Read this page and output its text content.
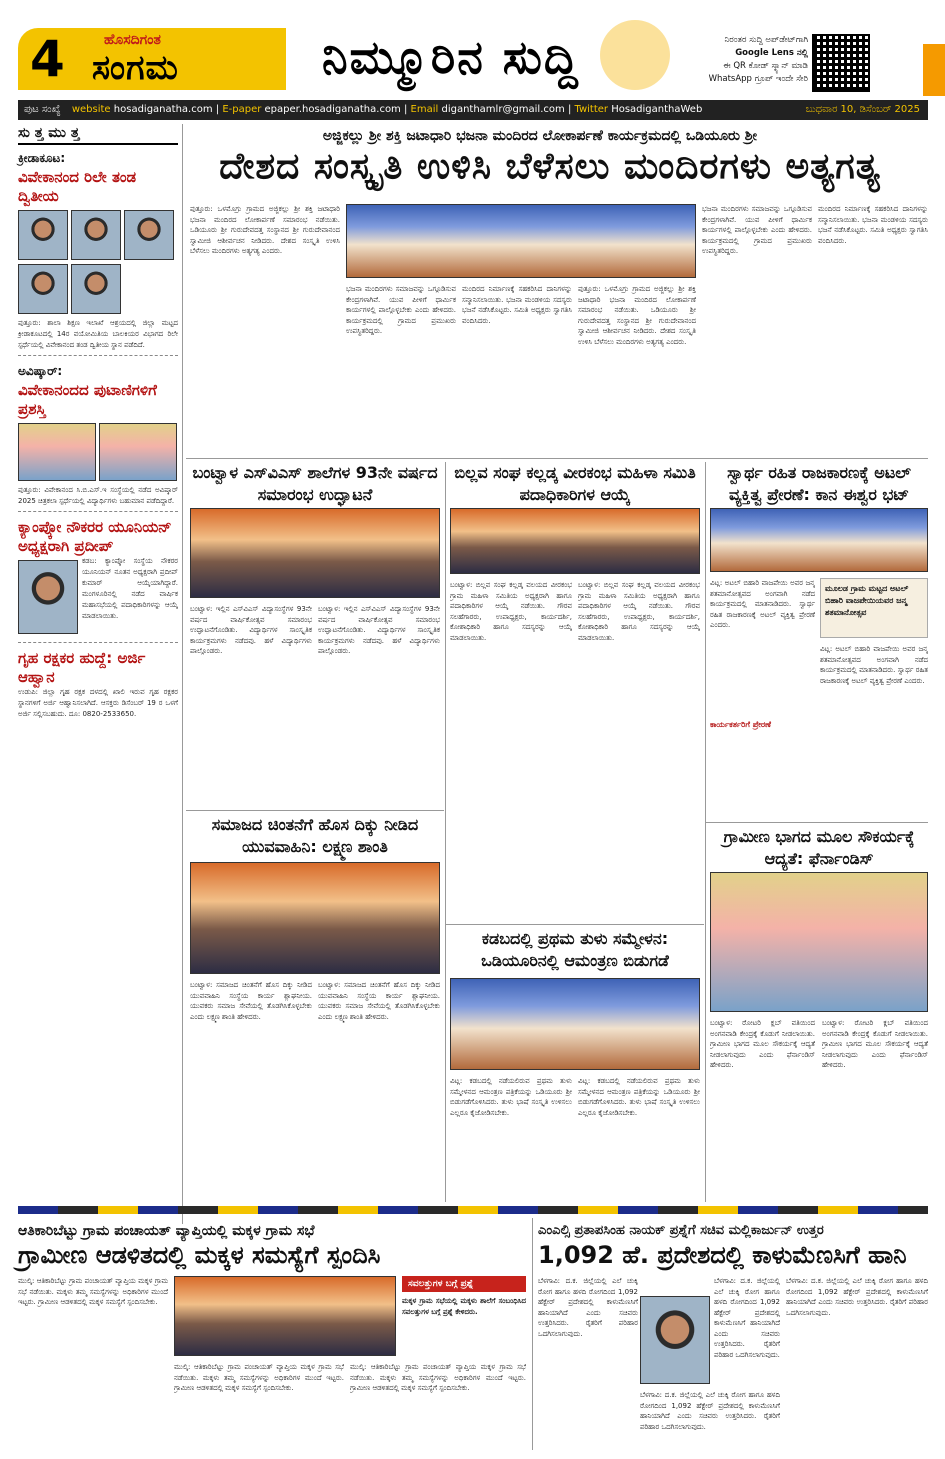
4	ಹೊಸದಿಗಂತ
ಸಂಗಮ	ನಿಮ್ಮೂರಿನ ಸುದ್ದಿ	ನಿರಂತರ ಸುದ್ದಿ ಅಪ್‌ಡೇಟ್‌ಗಾಗಿ
Google Lens ನಲ್ಲಿ
ಈ QR ಕೋಡ್ ಸ್ಕ್ಯಾನ್ ಮಾಡಿ
WhatsApp ಗ್ರೂಪ್ ಇಂದೇ ಸೇರಿ
ಪುಟ ಸಂಖ್ಯೆ website hosadiganatha.com | E-paper epaper.hosadiganatha.com | Email diganthamlr@gmail.com | Twitter HosadiganthaWeb	ಬುಧವಾರ 10, ಡಿಸೆಂಬರ್ 2025
ಸು ತ್ತ ಮು ತ್ತ
ಕ್ರೀಡಾಕೂಟ:
ವಿವೇಕಾನಂದ ರಿಲೇ ತಂಡ ದ್ವಿತೀಯ
ಪುತ್ತೂರು: ಶಾಲಾ ಶಿಕ್ಷಣ ಇಲಾಖೆ ಆಶ್ರಯದಲ್ಲಿ ಜಿಲ್ಲಾ ಮಟ್ಟದ ಕ್ರೀಡಾಕೂಟದಲ್ಲಿ 14ರ ವಯೋಮಿತಿಯ ಬಾಲಕಿಯರ ವಿಭಾಗದ ರಿಲೇ ಸ್ಪರ್ಧೆಯಲ್ಲಿ ವಿವೇಕಾನಂದ ತಂಡ ದ್ವಿತೀಯ ಸ್ಥಾನ ಪಡೆದಿದೆ.
ಅವಿಷ್ಕಾರ್:
ವಿವೇಕಾನಂದದ ಪುಟಾಣಿಗಳಿಗೆ ಪ್ರಶಸ್ತಿ
ಪುತ್ತೂರು: ವಿವೇಕಾನಂದ ಸಿ.ಬಿ.ಎಸ್.ಇ ಸಂಸ್ಥೆಯಲ್ಲಿ ನಡೆದ ಅವಿಷ್ಕಾರ್ 2025 ಚಿತ್ರಕಲಾ ಸ್ಪರ್ಧೆಯಲ್ಲಿ ವಿದ್ಯಾರ್ಥಿಗಳು ಬಹುಮಾನ ಪಡೆದಿದ್ದಾರೆ.
ಕ್ಯಾಂಪ್ಕೋ ನೌಕರರ ಯೂನಿಯನ್ ಅಧ್ಯಕ್ಷರಾಗಿ ಪ್ರದೀಪ್
ಕಡಬ: ಕ್ಯಾಂಪ್ಕೋ ಸಂಸ್ಥೆಯ ನೌಕರರ ಯೂನಿಯನ್ ನೂತನ ಅಧ್ಯಕ್ಷರಾಗಿ ಪ್ರದೀಪ್ ಕುಮಾರ್ ಆಯ್ಕೆಯಾಗಿದ್ದಾರೆ. ಮಂಗಳೂರಿನಲ್ಲಿ ನಡೆದ ವಾರ್ಷಿಕ ಮಹಾಸಭೆಯಲ್ಲಿ ಪದಾಧಿಕಾರಿಗಳನ್ನು ಆಯ್ಕೆ ಮಾಡಲಾಯಿತು.
ಗೃಹ ರಕ್ಷಕರ ಹುದ್ದೆ: ಅರ್ಜಿ ಆಹ್ವಾನ
ಉಡುಪಿ: ಜಿಲ್ಲಾ ಗೃಹ ರಕ್ಷಕ ದಳದಲ್ಲಿ ಖಾಲಿ ಇರುವ ಗೃಹ ರಕ್ಷಕರ ಸ್ಥಾನಗಳಿಗೆ ಅರ್ಜಿ ಆಹ್ವಾನಿಸಲಾಗಿದೆ. ಆಸಕ್ತರು ಡಿಸೆಂಬರ್ 19 ರ ಒಳಗೆ ಅರ್ಜಿ ಸಲ್ಲಿಸಬಹುದು. ದೂ: 0820-2533650.
ಅಜ್ಜಿಕಲ್ಲು ಶ್ರೀ ಶಕ್ತಿ ಜಟಾಧಾರಿ ಭಜನಾ ಮಂದಿರದ ಲೋಕಾರ್ಪಣೆ ಕಾರ್ಯಕ್ರಮದಲ್ಲಿ ಒಡಿಯೂರು ಶ್ರೀ
ದೇಶದ ಸಂಸ್ಕೃತಿ ಉಳಿಸಿ ಬೆಳೆಸಲು ಮಂದಿರಗಳು ಅತ್ಯಗತ್ಯ
ಪುತ್ತೂರು: ಒಳಮೊಗ್ರು ಗ್ರಾಮದ ಅಜ್ಜಿಕಲ್ಲು ಶ್ರೀ ಶಕ್ತಿ ಜಟಾಧಾರಿ ಭಜನಾ ಮಂದಿರದ ಲೋಕಾರ್ಪಣೆ ಸಮಾರಂಭ ನಡೆಯಿತು. ಒಡಿಯೂರು ಶ್ರೀ ಗುರುದೇವದತ್ತ ಸಂಸ್ಥಾನದ ಶ್ರೀ ಗುರುದೇವಾನಂದ ಸ್ವಾಮೀಜಿ ಆಶೀರ್ವಚನ ನೀಡಿದರು. ದೇಶದ ಸಂಸ್ಕೃತಿ ಉಳಿಸಿ ಬೆಳೆಸಲು ಮಂದಿರಗಳು ಅತ್ಯಗತ್ಯ ಎಂದರು.
ಭಜನಾ ಮಂದಿರಗಳು ಸಮಾಜವನ್ನು ಒಗ್ಗೂಡಿಸುವ ಕೇಂದ್ರಗಳಾಗಿವೆ. ಯುವ ಪೀಳಿಗೆ ಧಾರ್ಮಿಕ ಕಾರ್ಯಗಳಲ್ಲಿ ಪಾಲ್ಗೊಳ್ಳಬೇಕು ಎಂದು ಹೇಳಿದರು. ಕಾರ್ಯಕ್ರಮದಲ್ಲಿ ಗ್ರಾಮದ ಪ್ರಮುಖರು ಉಪಸ್ಥಿತರಿದ್ದರು.
ಮಂದಿರದ ನಿರ್ಮಾಣಕ್ಕೆ ಸಹಕರಿಸಿದ ದಾನಿಗಳನ್ನು ಸನ್ಮಾನಿಸಲಾಯಿತು. ಭಜನಾ ಮಂಡಳಿಯ ಸದಸ್ಯರು ಭಜನೆ ನಡೆಸಿಕೊಟ್ಟರು. ಸಮಿತಿ ಅಧ್ಯಕ್ಷರು ಸ್ವಾಗತಿಸಿ ವಂದಿಸಿದರು.
ಪುತ್ತೂರು: ಒಳಮೊಗ್ರು ಗ್ರಾಮದ ಅಜ್ಜಿಕಲ್ಲು ಶ್ರೀ ಶಕ್ತಿ ಜಟಾಧಾರಿ ಭಜನಾ ಮಂದಿರದ ಲೋಕಾರ್ಪಣೆ ಸಮಾರಂಭ ನಡೆಯಿತು. ಒಡಿಯೂರು ಶ್ರೀ ಗುರುದೇವದತ್ತ ಸಂಸ್ಥಾನದ ಶ್ರೀ ಗುರುದೇವಾನಂದ ಸ್ವಾಮೀಜಿ ಆಶೀರ್ವಚನ ನೀಡಿದರು. ದೇಶದ ಸಂಸ್ಕೃತಿ ಉಳಿಸಿ ಬೆಳೆಸಲು ಮಂದಿರಗಳು ಅತ್ಯಗತ್ಯ ಎಂದರು.
ಭಜನಾ ಮಂದಿರಗಳು ಸಮಾಜವನ್ನು ಒಗ್ಗೂಡಿಸುವ ಕೇಂದ್ರಗಳಾಗಿವೆ. ಯುವ ಪೀಳಿಗೆ ಧಾರ್ಮಿಕ ಕಾರ್ಯಗಳಲ್ಲಿ ಪಾಲ್ಗೊಳ್ಳಬೇಕು ಎಂದು ಹೇಳಿದರು. ಕಾರ್ಯಕ್ರಮದಲ್ಲಿ ಗ್ರಾಮದ ಪ್ರಮುಖರು ಉಪಸ್ಥಿತರಿದ್ದರು.
ಮಂದಿರದ ನಿರ್ಮಾಣಕ್ಕೆ ಸಹಕರಿಸಿದ ದಾನಿಗಳನ್ನು ಸನ್ಮಾನಿಸಲಾಯಿತು. ಭಜನಾ ಮಂಡಳಿಯ ಸದಸ್ಯರು ಭಜನೆ ನಡೆಸಿಕೊಟ್ಟರು. ಸಮಿತಿ ಅಧ್ಯಕ್ಷರು ಸ್ವಾಗತಿಸಿ ವಂದಿಸಿದರು.
ಬಂಟ್ವಾಳ ಎಸ್‌ವಿಎಸ್ ಶಾಲೆಗಳ 93ನೇ ವರ್ಷದ ಸಮಾರಂಭ ಉದ್ಘಾಟನೆ
ಬಂಟ್ವಾಳ: ಇಲ್ಲಿನ ಎಸ್‌ವಿಎಸ್ ವಿದ್ಯಾಸಂಸ್ಥೆಗಳ 93ನೇ ವರ್ಷದ ವಾರ್ಷಿಕೋತ್ಸವ ಸಮಾರಂಭ ಉದ್ಘಾಟನೆಗೊಂಡಿತು. ವಿದ್ಯಾರ್ಥಿಗಳ ಸಾಂಸ್ಕೃತಿಕ ಕಾರ್ಯಕ್ರಮಗಳು ನಡೆದವು. ಹಳೆ ವಿದ್ಯಾರ್ಥಿಗಳು ಪಾಲ್ಗೊಂಡರು.
ಬಂಟ್ವಾಳ: ಇಲ್ಲಿನ ಎಸ್‌ವಿಎಸ್ ವಿದ್ಯಾಸಂಸ್ಥೆಗಳ 93ನೇ ವರ್ಷದ ವಾರ್ಷಿಕೋತ್ಸವ ಸಮಾರಂಭ ಉದ್ಘಾಟನೆಗೊಂಡಿತು. ವಿದ್ಯಾರ್ಥಿಗಳ ಸಾಂಸ್ಕೃತಿಕ ಕಾರ್ಯಕ್ರಮಗಳು ನಡೆದವು. ಹಳೆ ವಿದ್ಯಾರ್ಥಿಗಳು ಪಾಲ್ಗೊಂಡರು.
ಬಿಲ್ಲವ ಸಂಘ ಕಲ್ಲಡ್ಕ ವೀರಕಂಭ ಮಹಿಳಾ ಸಮಿತಿ ಪದಾಧಿಕಾರಿಗಳ ಆಯ್ಕೆ
ಬಂಟ್ವಾಳ: ಬಿಲ್ಲವ ಸಂಘ ಕಲ್ಲಡ್ಕ ವಲಯದ ವೀರಕಂಭ ಗ್ರಾಮ ಮಹಿಳಾ ಸಮಿತಿಯ ಅಧ್ಯಕ್ಷರಾಗಿ ಹಾಗೂ ಪದಾಧಿಕಾರಿಗಳ ಆಯ್ಕೆ ನಡೆಯಿತು. ಗೌರವ ಸಲಹೆಗಾರರು, ಉಪಾಧ್ಯಕ್ಷರು, ಕಾರ್ಯದರ್ಶಿ, ಕೋಶಾಧಿಕಾರಿ ಹಾಗೂ ಸದಸ್ಯರನ್ನು ಆಯ್ಕೆ ಮಾಡಲಾಯಿತು.
ಬಂಟ್ವಾಳ: ಬಿಲ್ಲವ ಸಂಘ ಕಲ್ಲಡ್ಕ ವಲಯದ ವೀರಕಂಭ ಗ್ರಾಮ ಮಹಿಳಾ ಸಮಿತಿಯ ಅಧ್ಯಕ್ಷರಾಗಿ ಹಾಗೂ ಪದಾಧಿಕಾರಿಗಳ ಆಯ್ಕೆ ನಡೆಯಿತು. ಗೌರವ ಸಲಹೆಗಾರರು, ಉಪಾಧ್ಯಕ್ಷರು, ಕಾರ್ಯದರ್ಶಿ, ಕೋಶಾಧಿಕಾರಿ ಹಾಗೂ ಸದಸ್ಯರನ್ನು ಆಯ್ಕೆ ಮಾಡಲಾಯಿತು.
ಸ್ವಾರ್ಥ ರಹಿತ ರಾಜಕಾರಣಕ್ಕೆ ಅಟಲ್ ವ್ಯಕ್ತಿತ್ವ ಪ್ರೇರಣೆ: ಕಾನ ಈಶ್ವರ ಭಟ್
ವಿಟ್ಲ: ಅಟಲ್ ಬಿಹಾರಿ ವಾಜಪೇಯಿ ಅವರ ಜನ್ಮ ಶತಮಾನೋತ್ಸವದ ಅಂಗವಾಗಿ ನಡೆದ ಕಾರ್ಯಕ್ರಮದಲ್ಲಿ ಮಾತನಾಡಿದರು. ಸ್ವಾರ್ಥ ರಹಿತ ರಾಜಕಾರಣಕ್ಕೆ ಅಟಲ್ ವ್ಯಕ್ತಿತ್ವ ಪ್ರೇರಣೆ ಎಂದರು.
ಮೂಲಡ ಗ್ರಾಮ ಮಟ್ಟದ ಅಟಲ್ ಬಿಹಾರಿ ವಾಜಪೇಯಿಯವರ ಜನ್ಮ ಶತಮಾನೋತ್ಸವ
ವಿಟ್ಲ: ಅಟಲ್ ಬಿಹಾರಿ ವಾಜಪೇಯಿ ಅವರ ಜನ್ಮ ಶತಮಾನೋತ್ಸವದ ಅಂಗವಾಗಿ ನಡೆದ ಕಾರ್ಯಕ್ರಮದಲ್ಲಿ ಮಾತನಾಡಿದರು. ಸ್ವಾರ್ಥ ರಹಿತ ರಾಜಕಾರಣಕ್ಕೆ ಅಟಲ್ ವ್ಯಕ್ತಿತ್ವ ಪ್ರೇರಣೆ ಎಂದರು.
ಕಾರ್ಯಕರ್ತರಿಗೆ ಪ್ರೇರಣೆ
ಸಮಾಜದ ಚಿಂತನೆಗೆ ಹೊಸ ದಿಕ್ಕು ನೀಡಿದ ಯುವವಾಹಿನಿ: ಲಕ್ಷ್ಮಣ ಶಾಂತಿ
ಬಂಟ್ವಾಳ: ಸಮಾಜದ ಚಿಂತನೆಗೆ ಹೊಸ ದಿಕ್ಕು ನೀಡಿದ ಯುವವಾಹಿನಿ ಸಂಸ್ಥೆಯ ಕಾರ್ಯ ಶ್ಲಾಘನೀಯ. ಯುವಕರು ಸಮಾಜ ಸೇವೆಯಲ್ಲಿ ತೊಡಗಿಸಿಕೊಳ್ಳಬೇಕು ಎಂದು ಲಕ್ಷ್ಮಣ ಶಾಂತಿ ಹೇಳಿದರು.
ಬಂಟ್ವಾಳ: ಸಮಾಜದ ಚಿಂತನೆಗೆ ಹೊಸ ದಿಕ್ಕು ನೀಡಿದ ಯುವವಾಹಿನಿ ಸಂಸ್ಥೆಯ ಕಾರ್ಯ ಶ್ಲಾಘನೀಯ. ಯುವಕರು ಸಮಾಜ ಸೇವೆಯಲ್ಲಿ ತೊಡಗಿಸಿಕೊಳ್ಳಬೇಕು ಎಂದು ಲಕ್ಷ್ಮಣ ಶಾಂತಿ ಹೇಳಿದರು.
ಕಡಬದಲ್ಲಿ ಪ್ರಥಮ ತುಳು ಸಮ್ಮೇಳನ: ಒಡಿಯೂರಿನಲ್ಲಿ ಆಮಂತ್ರಣ ಬಿಡುಗಡೆ
ವಿಟ್ಲ: ಕಡಬದಲ್ಲಿ ನಡೆಯಲಿರುವ ಪ್ರಥಮ ತುಳು ಸಮ್ಮೇಳನದ ಆಮಂತ್ರಣ ಪತ್ರಿಕೆಯನ್ನು ಒಡಿಯೂರು ಶ್ರೀ ಬಿಡುಗಡೆಗೊಳಿಸಿದರು. ತುಳು ಭಾಷೆ ಸಂಸ್ಕೃತಿ ಉಳಿಸಲು ಎಲ್ಲರೂ ಕೈಜೋಡಿಸಬೇಕು.
ವಿಟ್ಲ: ಕಡಬದಲ್ಲಿ ನಡೆಯಲಿರುವ ಪ್ರಥಮ ತುಳು ಸಮ್ಮೇಳನದ ಆಮಂತ್ರಣ ಪತ್ರಿಕೆಯನ್ನು ಒಡಿಯೂರು ಶ್ರೀ ಬಿಡುಗಡೆಗೊಳಿಸಿದರು. ತುಳು ಭಾಷೆ ಸಂಸ್ಕೃತಿ ಉಳಿಸಲು ಎಲ್ಲರೂ ಕೈಜೋಡಿಸಬೇಕು.
ಗ್ರಾಮೀಣ ಭಾಗದ ಮೂಲ ಸೌಕರ್ಯಕ್ಕೆ ಆದ್ಯತೆ: ಫೆರ್ನಾಂಡಿಸ್
ಬಂಟ್ವಾಳ: ರೋಟರಿ ಕ್ಲಬ್ ವತಿಯಿಂದ ಅಂಗನವಾಡಿ ಕೇಂದ್ರಕ್ಕೆ ಕೊಡುಗೆ ನೀಡಲಾಯಿತು. ಗ್ರಾಮೀಣ ಭಾಗದ ಮೂಲ ಸೌಕರ್ಯಕ್ಕೆ ಆದ್ಯತೆ ನೀಡಲಾಗುವುದು ಎಂದು ಫೆರ್ನಾಂಡಿಸ್ ಹೇಳಿದರು.
ಬಂಟ್ವಾಳ: ರೋಟರಿ ಕ್ಲಬ್ ವತಿಯಿಂದ ಅಂಗನವಾಡಿ ಕೇಂದ್ರಕ್ಕೆ ಕೊಡುಗೆ ನೀಡಲಾಯಿತು. ಗ್ರಾಮೀಣ ಭಾಗದ ಮೂಲ ಸೌಕರ್ಯಕ್ಕೆ ಆದ್ಯತೆ ನೀಡಲಾಗುವುದು ಎಂದು ಫೆರ್ನಾಂಡಿಸ್ ಹೇಳಿದರು.
ಆತಿಕಾರಿಬೆಟ್ಟು ಗ್ರಾಮ ಪಂಚಾಯತ್ ವ್ಯಾಪ್ತಿಯಲ್ಲಿ ಮಕ್ಕಳ ಗ್ರಾಮ ಸಭೆ
ಗ್ರಾಮೀಣ ಆಡಳಿತದಲ್ಲಿ ಮಕ್ಕಳ ಸಮಸ್ಯೆಗೆ ಸ್ಪಂದಿಸಿ
ಮುಲ್ಕಿ: ಆತಿಕಾರಿಬೆಟ್ಟು ಗ್ರಾಮ ಪಂಚಾಯತ್ ವ್ಯಾಪ್ತಿಯ ಮಕ್ಕಳ ಗ್ರಾಮ ಸಭೆ ನಡೆಯಿತು. ಮಕ್ಕಳು ತಮ್ಮ ಸಮಸ್ಯೆಗಳನ್ನು ಅಧಿಕಾರಿಗಳ ಮುಂದೆ ಇಟ್ಟರು. ಗ್ರಾಮೀಣ ಆಡಳಿತದಲ್ಲಿ ಮಕ್ಕಳ ಸಮಸ್ಯೆಗೆ ಸ್ಪಂದಿಸಬೇಕು.
ಸವಲತ್ತುಗಳ ಬಗ್ಗೆ ಪ್ರಶ್ನೆ
ಮಕ್ಕಳ ಗ್ರಾಮ ಸಭೆಯಲ್ಲಿ ಮಕ್ಕಳು ಶಾಲೆಗೆ ಸಂಬಂಧಿಸಿದ ಸವಲತ್ತುಗಳ ಬಗ್ಗೆ ಪ್ರಶ್ನೆ ಕೇಳಿದರು.
ಮುಲ್ಕಿ: ಆತಿಕಾರಿಬೆಟ್ಟು ಗ್ರಾಮ ಪಂಚಾಯತ್ ವ್ಯಾಪ್ತಿಯ ಮಕ್ಕಳ ಗ್ರಾಮ ಸಭೆ ನಡೆಯಿತು. ಮಕ್ಕಳು ತಮ್ಮ ಸಮಸ್ಯೆಗಳನ್ನು ಅಧಿಕಾರಿಗಳ ಮುಂದೆ ಇಟ್ಟರು. ಗ್ರಾಮೀಣ ಆಡಳಿತದಲ್ಲಿ ಮಕ್ಕಳ ಸಮಸ್ಯೆಗೆ ಸ್ಪಂದಿಸಬೇಕು.
ಮುಲ್ಕಿ: ಆತಿಕಾರಿಬೆಟ್ಟು ಗ್ರಾಮ ಪಂಚಾಯತ್ ವ್ಯಾಪ್ತಿಯ ಮಕ್ಕಳ ಗ್ರಾಮ ಸಭೆ ನಡೆಯಿತು. ಮಕ್ಕಳು ತಮ್ಮ ಸಮಸ್ಯೆಗಳನ್ನು ಅಧಿಕಾರಿಗಳ ಮುಂದೆ ಇಟ್ಟರು. ಗ್ರಾಮೀಣ ಆಡಳಿತದಲ್ಲಿ ಮಕ್ಕಳ ಸಮಸ್ಯೆಗೆ ಸ್ಪಂದಿಸಬೇಕು.
ಎಂಎಲ್ಸಿ ಪ್ರತಾಪಸಿಂಹ ನಾಯಕ್ ಪ್ರಶ್ನೆಗೆ ಸಚಿವ ಮಲ್ಲಿಕಾರ್ಜುನ್ ಉತ್ತರ
1,092 ಹೆ. ಪ್ರದೇಶದಲ್ಲಿ ಕಾಳುಮೆಣಸಿಗೆ ಹಾನಿ
ಬೆಳಗಾವಿ: ದ.ಕ. ಜಿಲ್ಲೆಯಲ್ಲಿ ಎಲೆ ಚುಕ್ಕಿ ರೋಗ ಹಾಗೂ ಹಳದಿ ರೋಗದಿಂದ 1,092 ಹೆಕ್ಟೇರ್ ಪ್ರದೇಶದಲ್ಲಿ ಕಾಳುಮೆಣಸಿಗೆ ಹಾನಿಯಾಗಿದೆ ಎಂದು ಸಚಿವರು ಉತ್ತರಿಸಿದರು. ರೈತರಿಗೆ ಪರಿಹಾರ ಒದಗಿಸಲಾಗುವುದು.
ಬೆಳಗಾವಿ: ದ.ಕ. ಜಿಲ್ಲೆಯಲ್ಲಿ ಎಲೆ ಚುಕ್ಕಿ ರೋಗ ಹಾಗೂ ಹಳದಿ ರೋಗದಿಂದ 1,092 ಹೆಕ್ಟೇರ್ ಪ್ರದೇಶದಲ್ಲಿ ಕಾಳುಮೆಣಸಿಗೆ ಹಾನಿಯಾಗಿದೆ ಎಂದು ಸಚಿವರು ಉತ್ತರಿಸಿದರು. ರೈತರಿಗೆ ಪರಿಹಾರ ಒದಗಿಸಲಾಗುವುದು.
ಬೆಳಗಾವಿ: ದ.ಕ. ಜಿಲ್ಲೆಯಲ್ಲಿ ಎಲೆ ಚುಕ್ಕಿ ರೋಗ ಹಾಗೂ ಹಳದಿ ರೋಗದಿಂದ 1,092 ಹೆಕ್ಟೇರ್ ಪ್ರದೇಶದಲ್ಲಿ ಕಾಳುಮೆಣಸಿಗೆ ಹಾನಿಯಾಗಿದೆ ಎಂದು ಸಚಿವರು ಉತ್ತರಿಸಿದರು. ರೈತರಿಗೆ ಪರಿಹಾರ ಒದಗಿಸಲಾಗುವುದು.
ಬೆಳಗಾವಿ: ದ.ಕ. ಜಿಲ್ಲೆಯಲ್ಲಿ ಎಲೆ ಚುಕ್ಕಿ ರೋಗ ಹಾಗೂ ಹಳದಿ ರೋಗದಿಂದ 1,092 ಹೆಕ್ಟೇರ್ ಪ್ರದೇಶದಲ್ಲಿ ಕಾಳುಮೆಣಸಿಗೆ ಹಾನಿಯಾಗಿದೆ ಎಂದು ಸಚಿವರು ಉತ್ತರಿಸಿದರು. ರೈತರಿಗೆ ಪರಿಹಾರ ಒದಗಿಸಲಾಗುವುದು.
